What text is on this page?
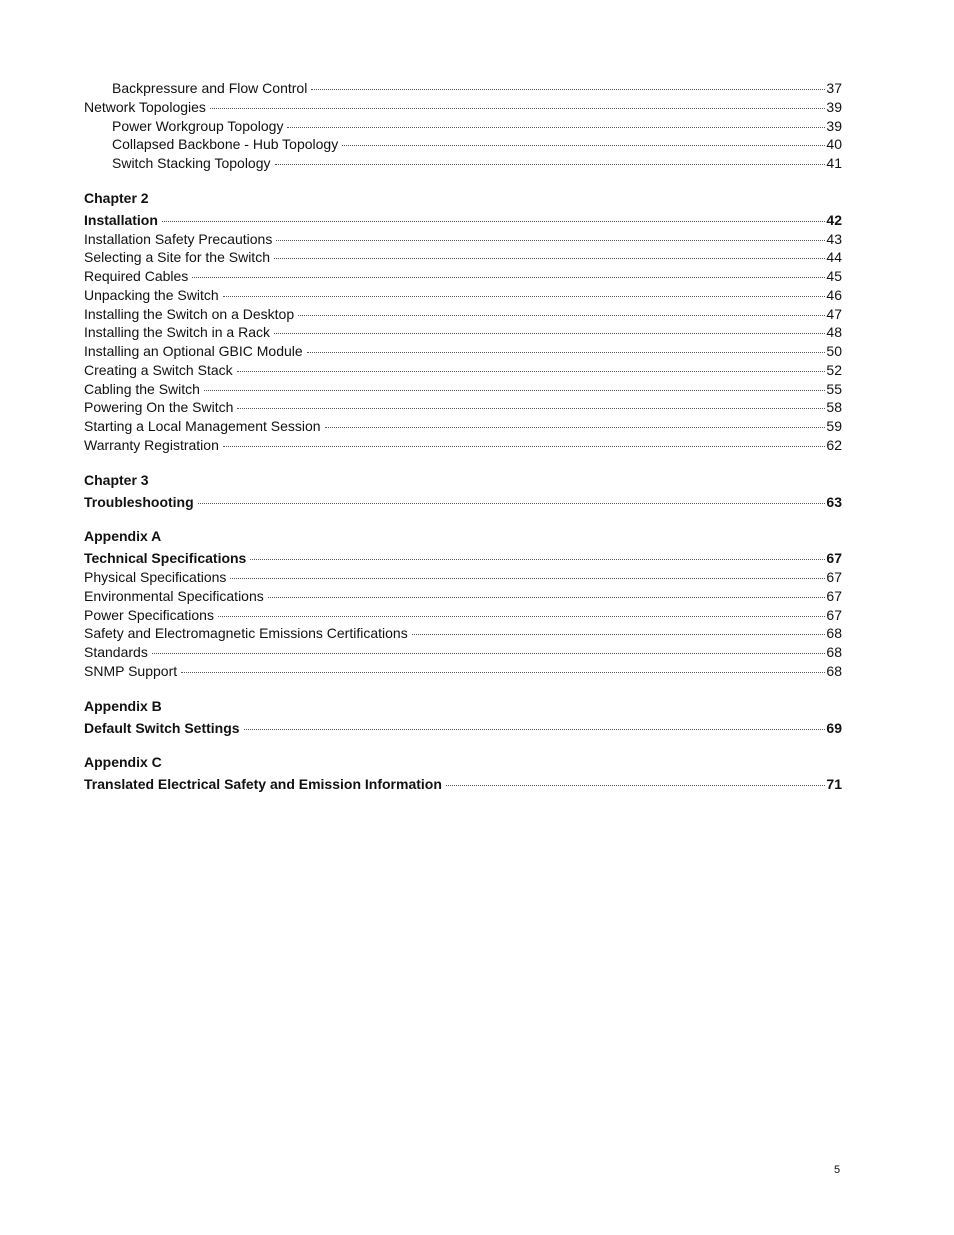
Backpressure and Flow Control	37
Network Topologies	39
Power Workgroup Topology	39
Collapsed Backbone - Hub Topology	40
Switch Stacking Topology	41
Chapter 2
Installation	42
Installation Safety Precautions	43
Selecting a Site for the Switch	44
Required Cables	45
Unpacking the Switch	46
Installing the Switch on a Desktop	47
Installing the Switch in a Rack	48
Installing an Optional GBIC Module	50
Creating a Switch Stack	52
Cabling the Switch	55
Powering On the Switch	58
Starting a Local Management Session	59
Warranty Registration	62
Chapter 3
Troubleshooting	63
Appendix A
Technical Specifications	67
Physical Specifications	67
Environmental Specifications	67
Power Specifications	67
Safety and Electromagnetic Emissions Certifications	68
Standards	68
SNMP Support	68
Appendix B
Default Switch Settings	69
Appendix C
Translated Electrical Safety and Emission Information	71
5
